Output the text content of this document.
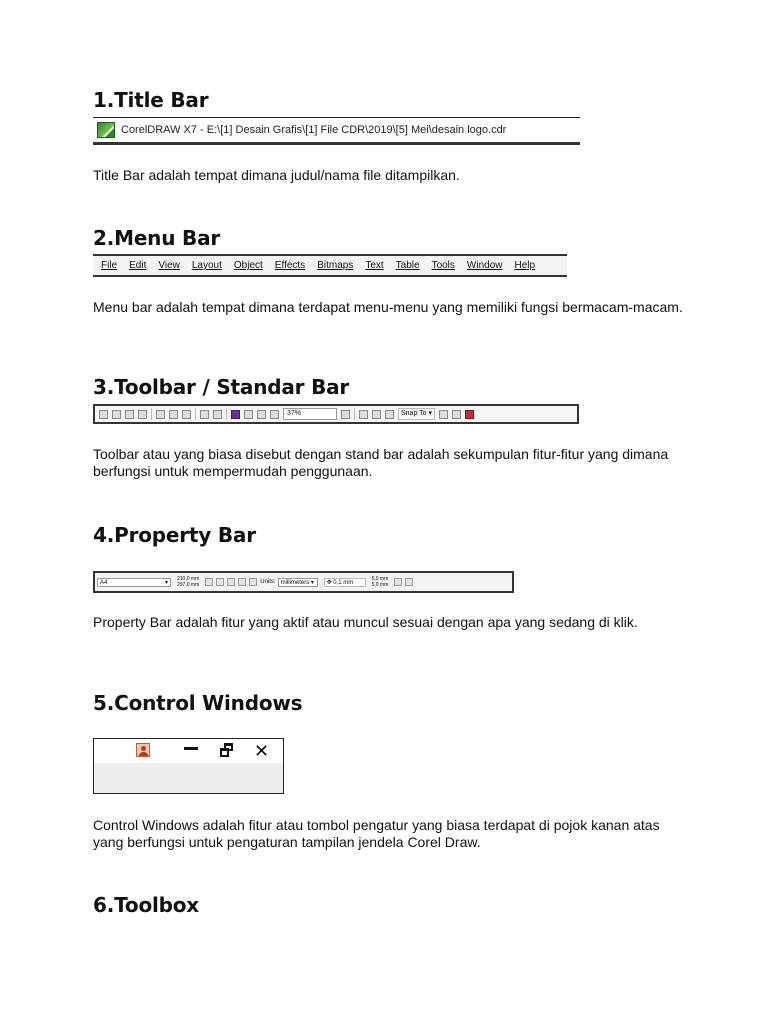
1.Title Bar
CorelDRAW X7 - E:\[1] Desain Grafis\[1] File CDR\2019\[5] Mei\desain logo.cdr

Title Bar adalah tempat dimana judul/nama file ditampilkan.

2.Menu Bar
File Edit View Layout Object Effects Bitmaps Text Table Tools Window Help

Menu bar adalah tempat dimana terdapat menu-menu yang memiliki fungsi bermacam-macam.

3.Toolbar / Standar Bar
37%	Snap To ▾

Toolbar atau yang biasa disebut dengan stand bar adalah sekumpulan fitur-fitur yang dimana berfungsi untuk mempermudah penggunaan.

4.Property Bar
A4 ▾
210,0 mm
297,0 mm	Units: millimeters ▾	✥ 0,1 mm
5,0 mm
5,0 mm

Property Bar adalah fitur yang aktif atau muncul sesuai dengan apa yang sedang di klik.

5.Control Windows
✕

Control Windows adalah fitur atau tombol pengatur yang biasa terdapat di pojok kanan atas yang berfungsi untuk pengaturan tampilan jendela Corel Draw.

6.Toolbox
